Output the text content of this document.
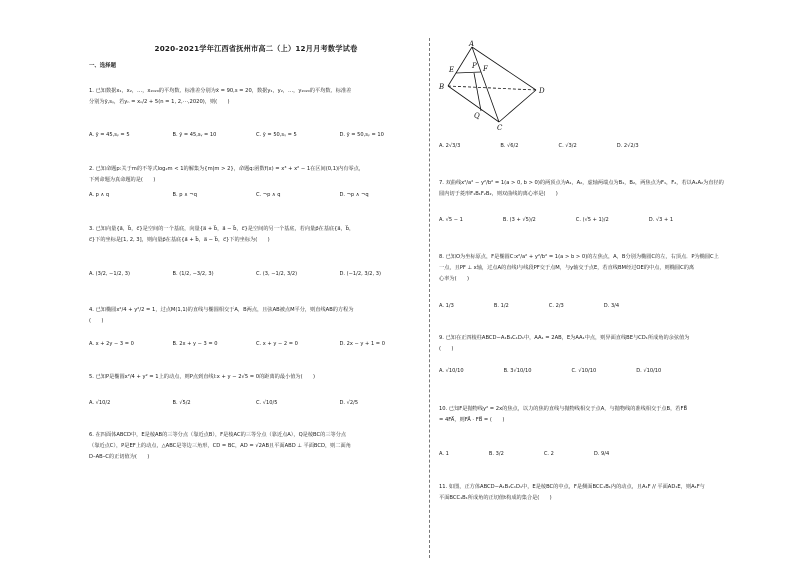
2020-2021学年江西省抚州市高二（上）12月月考数学试卷
一、选择题
1. 已知数据x₁，x₂，…，x₂₀₂₀的平均数、标准差分别为x̄ = 90,s = 20，数据y₁，y₂，…，y₂₀₂₀的平均数、标准差
分别为ȳ,sᵧ，若yₙ = xₙ/2 + 5(n = 1, 2,⋯,2020)，则(　　)
A. ȳ = 45,sᵧ = 5	B. ȳ = 45,sᵧ = 10	C. ȳ = 50,sᵧ = 5	D. ȳ = 50,sᵧ = 10
2. 已知命题p:关于m的不等式log₂m < 1的解集为{m|m > 2}，命题q:函数f(x) = x³ + x² − 1在区间(0,1)内有零点，
下列命题为真命题的是(　　)
A. p ∧ q	B. p ∧ ¬q	C. ¬p ∧ q	D. ¬p ∧ ¬q
3. 已知向量{a⃗，b⃗，c⃗}是空间的一个基底，向量{a⃗ + b⃗，a⃗ − b⃗，c⃗}是空间的另一个基底，若向量p⃗在基底{a⃗，b⃗，
c⃗}下的坐标是[1, 2, 3]，则向量p⃗在基底{a⃗ + b⃗，a⃗ − b⃗，c⃗}下的坐标为(　　)
A. (3/2, −1/2, 3)	B. (1/2, −3/2, 3)	C. (3, −1/2, 3/2)	D. (−1/2, 3/2, 3)
4. 已知椭圆x²/4 + y²/2 = 1，过点M(1,1)的直线与椭圆相交于A，B两点，且弦AB被点M平分，则直线AB的方程为
(　　)
A. x + 2y − 3 = 0	B. 2x + y − 3 = 0	C. x + y − 2 = 0	D. 2x − y + 1 = 0
5. 已知P是椭圆x²/4 + y² = 1上的动点，则P点到直线l:x + y − 2√5 = 0的距离的最小值为(　　)
A. √10/2	B. √5/2	C. √10/5	D. √2/5
6. 在四面体ABCD中，E是棱AB的三等分点（靠近点B），F是棱AC的三等分点（靠近点A），Q是棱BC的三等分点
（靠近点C），P是EF上的动点，△ABC是等边三角形，CD = BC，AD = √2AB且平面ABD ⊥ 平面BCD，则二面角
D–AB–C的正切值为(　　)
A
E	P F
B	D
Q
C
A. 2√3/3	B. √6/2	C. √3/2	D. 2√2/3
7. 双曲线x²/a² − y²/b² = 1(a > 0, b > 0)的两顶点为A₁，A₂，虚轴两端点为B₁，B₂，两焦点为F₁，F₂，若以A₁A₂为直径的
圆内切于菱形F₁B₁F₂B₂，则双曲线的离心率是(　　)
A. √5 − 1	B. (3 + √5)/2	C. (√5 + 1)/2	D. √3 + 1
8. 已知O为坐标原点，F是椭圆C:x²/a² + y²/b² = 1(a > b > 0)的左焦点，A，B分别为椭圆C的左，右顶点．P为椭圆C上
一点，且PF ⊥ x轴，过点A的直线l与线段PF交于点M，与y轴交于点E，若直线BM经过OE的中点，则椭圆C的离
心率为(　　)
A. 1/3	B. 1/2	C. 2/3	D. 3/4
9. 已知在正四棱柱ABCD−A₁B₁C₁D₁中，AA₁ = 2AB，E为AA₁中点，则异面直线BE与CD₁所成角的余弦值为
(　　)
A. √10/10	B. 3√10/10	C. √10/10	D. √10/10
10. 已知F是抛物线y² = 2x的焦点，以力的焦的直线与抛物线相交于点A，与抛物线的准线相交于点B，若FB⃗
= 4FA⃗，则FA⃗ · FB⃗ = (　　)
A. 1	B. 3/2	C. 2	D. 9/4
11. 如图，正方体ABCD−A₁B₁C₁D₁中，E是棱BC的中点，F是侧面BCC₁B₁内的动点，且A₁F // 平面AD₁E，则A₁F与
平面BCC₁B₁所成角的正切值t构成的集合是(　　)
